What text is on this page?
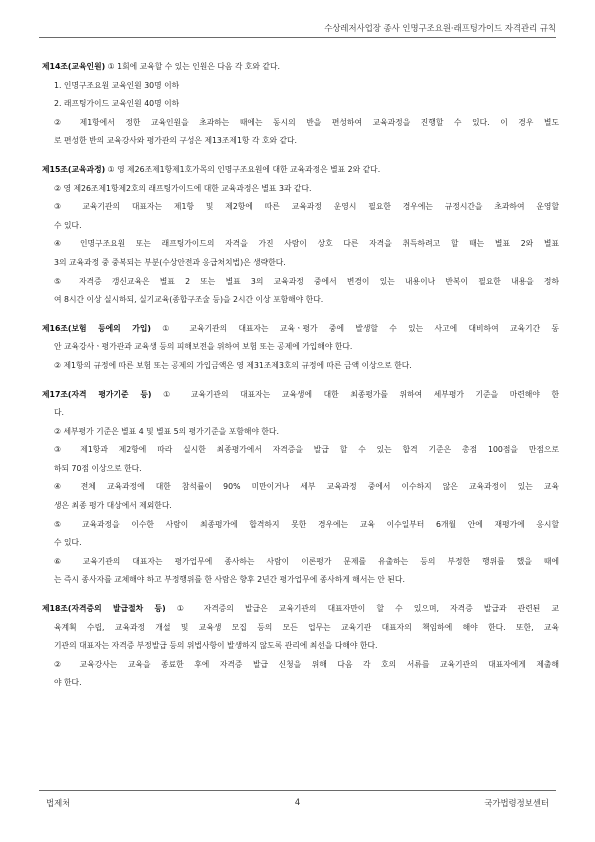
수상레저사업장 종사 인명구조요원·래프팅가이드 자격관리 규칙
제14조(교육인원) ① 1회에 교육할 수 있는 인원은 다음 각 호와 같다.
1. 인명구조요원 교육인원 30명 이하
2. 래프팅가이드 교육인원 40명 이하
② 제1항에서 정한 교육인원을 초과하는 때에는 동시의 반을 편성하여 교육과정을 진행할 수 있다. 이 경우 별도
로 편성한 반의 교육강사와 평가관의 구성은 제13조제1항 각 호와 같다.
제15조(교육과정) ① 영 제26조제1항제1호가목의 인명구조요원에 대한 교육과정은 별표 2와 같다.
② 영 제26조제1항제2호의 래프팅가이드에 대한 교육과정은 별표 3과 같다.
③ 교육기관의 대표자는 제1항 및 제2항에 따른 교육과정 운영시 필요한 경우에는 규정시간을 초과하여 운영할
수 있다.
④ 인명구조요원 또는 래프팅가이드의 자격을 가진 사람이 상호 다른 자격을 취득하려고 할 때는 별표 2와 별표
3의 교육과정 중 중복되는 부분(수상안전과 응급처치법)은 생략한다.
⑤ 자격증 갱신교육은 별표 2 또는 별표 3의 교육과정 중에서 변경이 있는 내용이나 반복이 필요한 내용을 정하
여 8시간 이상 실시하되, 실기교육(종합구조술 등)을 2시간 이상 포함해야 한다.
제16조(보험 등에의 가입) ① 교육기관의 대표자는 교육ㆍ평가 중에 발생할 수 있는 사고에 대비하여 교육기간 동
안 교육강사ㆍ평가관과 교육생 등의 피해보전을 위하여 보험 또는 공제에 가입해야 한다.
② 제1항의 규정에 따른 보험 또는 공제의 가입금액은 영 제31조제3호의 규정에 따른 금액 이상으로 한다.
제17조(자격 평가기준 등) ① 교육기관의 대표자는 교육생에 대한 최종평가를 위하여 세부평가 기준을 마련해야 한
다.
② 세부평가 기준은 별표 4 및 별표 5의 평가기준을 포함해야 한다.
③ 제1항과 제2항에 따라 실시한 최종평가에서 자격증을 발급 할 수 있는 합격 기준은 총점 100점을 만점으로
하되 70점 이상으로 한다.
④ 전체 교육과정에 대한 참석률이 90% 미만이거나 세부 교육과정 중에서 이수하지 않은 교육과정이 있는 교육
생은 최종 평가 대상에서 제외한다.
⑤ 교육과정을 이수한 사람이 최종평가에 합격하지 못한 경우에는 교육 이수일부터 6개월 안에 재평가에 응시할
수 있다.
⑥ 교육기관의 대표자는 평가업무에 종사하는 사람이 이론평가 문제를 유출하는 등의 부정한 행위를 했을 때에
는 즉시 종사자를 교체해야 하고 부정행위를 한 사람은 향후 2년간 평가업무에 종사하게 해서는 안 된다.
제18조(자격증의 발급절차 등) ① 자격증의 발급은 교육기관의 대표자만이 할 수 있으며, 자격증 발급과 관련된 교
육계획 수립, 교육과정 개설 및 교육생 모집 등의 모든 업무는 교육기관 대표자의 책임하에 해야 한다. 또한, 교육
기관의 대표자는 자격증 부정발급 등의 위법사항이 발생하지 않도록 관리에 최선을 다해야 한다.
② 교육강사는 교육을 종료한 후에 자격증 발급 신청을 위해 다음 각 호의 서류를 교육기관의 대표자에게 제출해
야 한다.
법제처	4	국가법령정보센터
